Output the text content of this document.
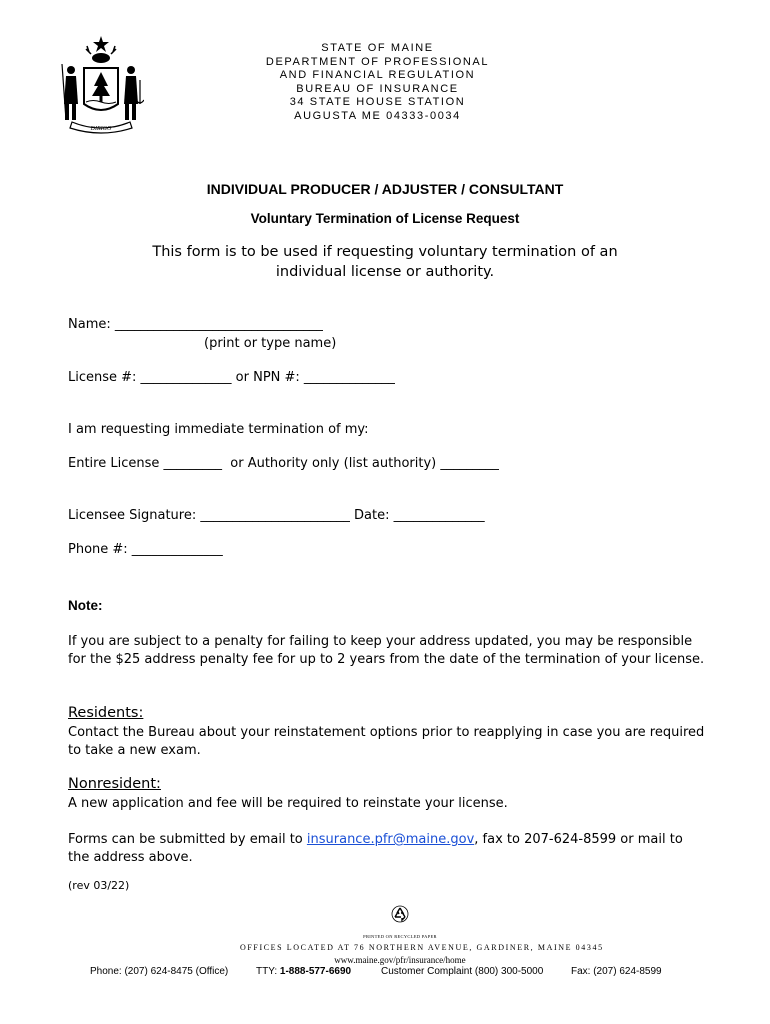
DIRIGO
STATE OF MAINE
DEPARTMENT OF PROFESSIONAL
AND FINANCIAL REGULATION
BUREAU OF INSURANCE
34 STATE HOUSE STATION
AUGUSTA ME 04333-0034
INDIVIDUAL PRODUCER / ADJUSTER / CONSULTANT
Voluntary Termination of License Request
This form is to be used if requesting voluntary termination of an
individual license or authority.
Name: ________________________________
(print or type name)
License #: ______________ or NPN #: ______________
I am requesting immediate termination of my:
Entire License _________  or Authority only (list authority) _________
Licensee Signature: _______________________ Date: ______________
Phone #: ______________
Note:
If you are subject to a penalty for failing to keep your address updated, you may be responsible for the $25 address penalty fee for up to 2 years from the date of the termination of your license.
Residents:
Contact the Bureau about your reinstatement options prior to reapplying in case you are required to take a new exam.
Nonresident:
A new application and fee will be required to reinstate your license.
Forms can be submitted by email to insurance.pfr@maine.gov, fax to 207-624-8599 or mail to the address above.
(rev 03/22)
PRINTED ON RECYCLED PAPER
OFFICES LOCATED AT 76 NORTHERN AVENUE, GARDINER, MAINE 04345
www.maine.gov/pfr/insurance/home
Phone: (207) 624-8475 (Office)	TTY: 1-888-577-6690	Customer Complaint (800) 300-5000	Fax: (207) 624-8599
